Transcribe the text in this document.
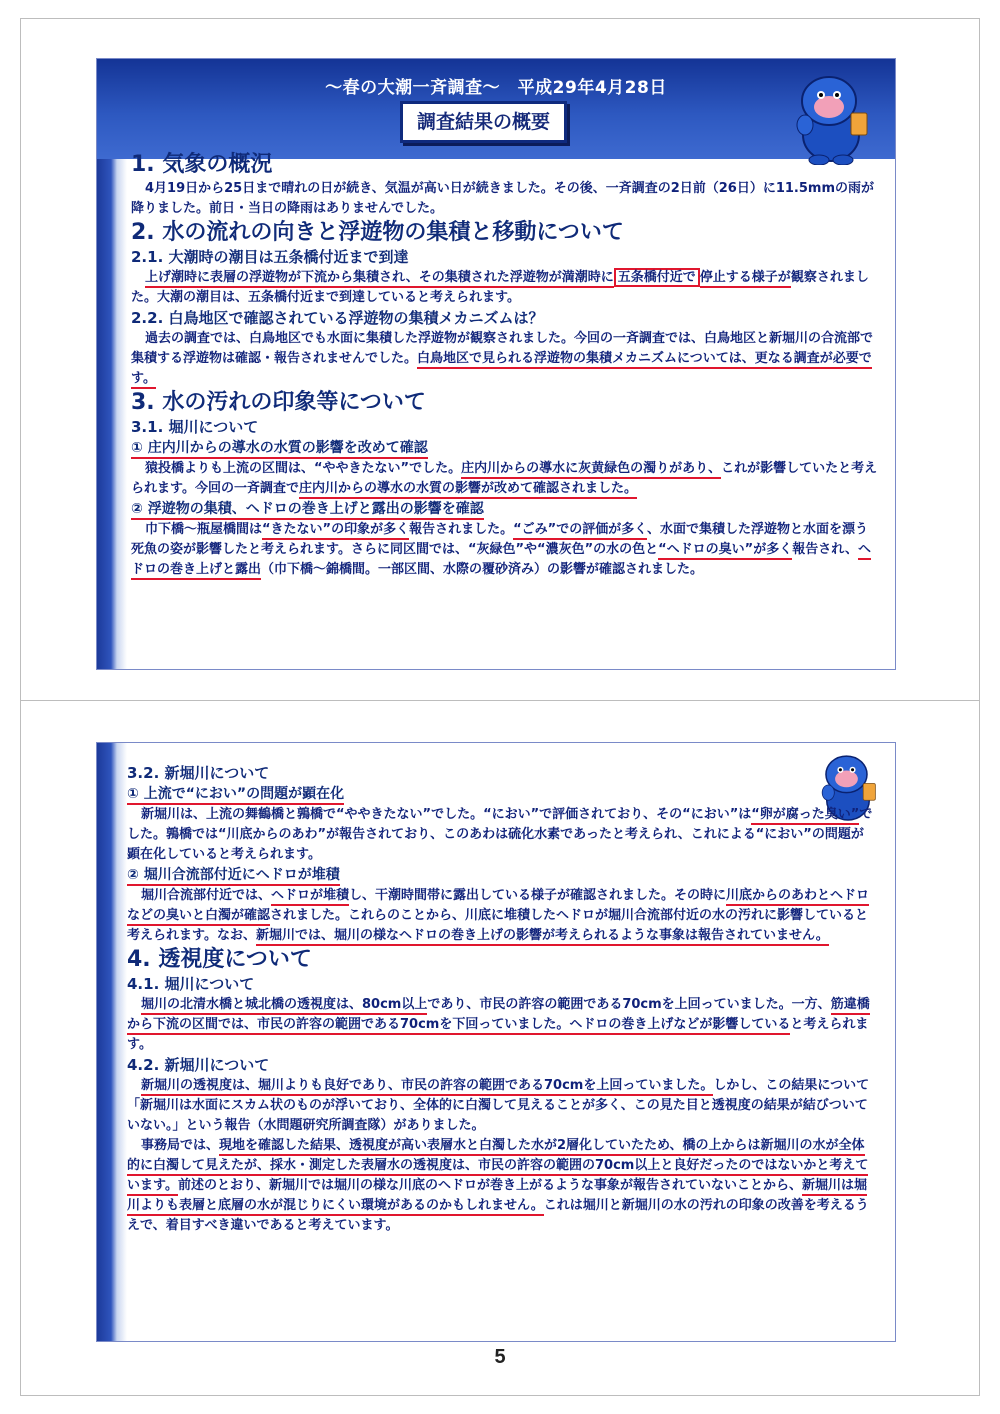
～春の大潮一斉調査～　平成29年4月28日
調査結果の概要
1. 気象の概況

4月19日から25日まで晴れの日が続き、気温が高い日が続きました。その後、一斉調査の2日前（26日）に11.5mmの雨が降りました。前日・当日の降雨はありませんでした。

2. 水の流れの向きと浮遊物の集積と移動について
2.1. 大潮時の潮目は五条橋付近まで到達

上げ潮時に表層の浮遊物が下流から集積され、その集積された浮遊物が満潮時に 五条橋付近で 停止する様子が観察されました。大潮の潮目は、五条橋付近まで到達していると考えられます。

2.2. 白鳥地区で確認されている浮遊物の集積メカニズムは？

過去の調査では、白鳥地区でも水面に集積した浮遊物が観察されました。今回の一斉調査では、白鳥地区と新堀川の合流部で集積する浮遊物は確認・報告されませんでした。白鳥地区で見られる浮遊物の集積メカニズムについては、更なる調査が必要です。

3. 水の汚れの印象等について
3.1. 堀川について
① 庄内川からの導水の水質の影響を改めて確認

猿投橋よりも上流の区間は、“ややきたない”でした。庄内川からの導水に灰黄緑色の濁りがあり、これが影響していたと考えられます。今回の一斉調査で庄内川からの導水の水質の影響が改めて確認されました。

② 浮遊物の集積、ヘドロの巻き上げと露出の影響を確認

巾下橋～瓶屋橋間は“きたない”の印象が多く報告されました。“ごみ”での評価が多く、水面で集積した浮遊物と水面を漂う死魚の姿が影響したと考えられます。さらに同区間では、“灰緑色”や“濃灰色”の水の色と“ヘドロの臭い”が多く報告され、ヘドロの巻き上げと露出（巾下橋～錦橋間。一部区間、水際の覆砂済み）の影響が確認されました。

3.2. 新堀川について
① 上流で“におい”の問題が顕在化

新堀川は、上流の舞鶴橋と鶉橋で“ややきたない”でした。“におい”で評価されており、その“におい”は“卵が腐った臭い”でした。鶉橋では“川底からのあわ”が報告されており、このあわは硫化水素であったと考えられ、これによる“におい”の問題が顕在化していると考えられます。

② 堀川合流部付近にヘドロが堆積

堀川合流部付近では、ヘドロが堆積し、干潮時間帯に露出している様子が確認されました。その時に川底からのあわとヘドロなどの臭いと白濁が確認されました。これらのことから、川底に堆積したヘドロが堀川合流部付近の水の汚れに影響していると考えられます。なお、新堀川では、堀川の様なヘドロの巻き上げの影響が考えられるような事象は報告されていません。

4. 透視度について
4.1. 堀川について

堀川の北清水橋と城北橋の透視度は、80cm以上であり、市民の許容の範囲である70cmを上回っていました。一方、筋違橋から下流の区間では、市民の許容の範囲である70cmを下回っていました。ヘドロの巻き上げなどが影響していると考えられます。

4.2. 新堀川について

新堀川の透視度は、堀川よりも良好であり、市民の許容の範囲である70cmを上回っていました。しかし、この結果について「新堀川は水面にスカム状のものが浮いており、全体的に白濁して見えることが多く、この見た目と透視度の結果が結びついていない。」という報告（水問題研究所調査隊）がありました。

事務局では、現地を確認した結果、透視度が高い表層水と白濁した水が2層化していたため、橋の上からは新堀川の水が全体的に白濁して見えたが、採水・測定した表層水の透視度は、市民の許容の範囲の70cm以上と良好だったのではないかと考えています。前述のとおり、新堀川では堀川の様な川底のヘドロが巻き上がるような事象が報告されていないことから、新堀川は堀川よりも表層と底層の水が混じりにくい環境があるのかもしれません。これは堀川と新堀川の水の汚れの印象の改善を考えるうえで、着目すべき違いであると考えています。

5
